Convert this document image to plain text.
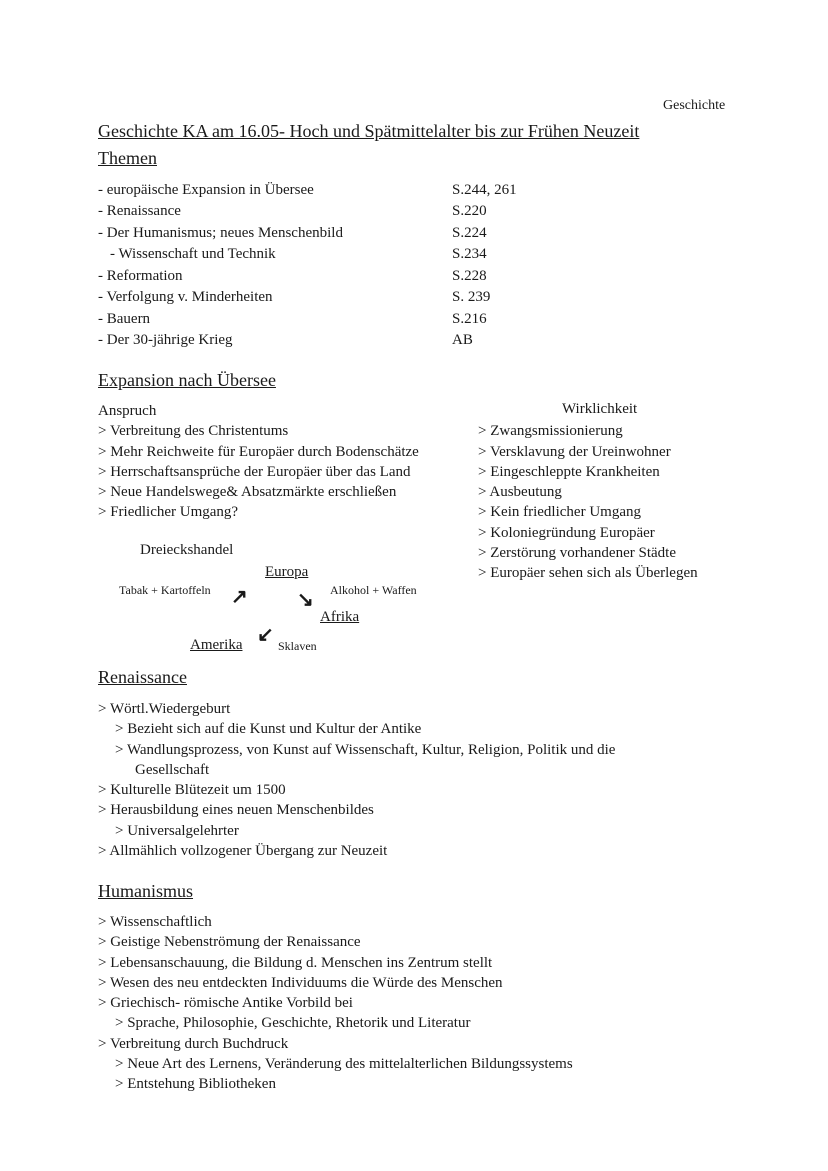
Geschichte
Geschichte KA am 16.05- Hoch und Spätmittelalter bis zur Frühen Neuzeit
Themen
- europäische Expansion in Übersee	S.244, 261
- Renaissance	S.220
- Der Humanismus; neues Menschenbild	S.224
- Wissenschaft und Technik	S.234
- Reformation	S.228
- Verfolgung v. Minderheiten	S. 239
- Bauern	S.216
- Der 30-jährige Krieg	AB
Expansion nach Übersee
Anspruch
> Verbreitung des Christentums
> Mehr Reichweite für Europäer durch Bodenschätze
> Herrschaftsansprüche der Europäer über das Land
> Neue Handelswege& Absatzmärkte erschließen
> Friedlicher Umgang?
Wirklichkeit
> Zwangsmissionierung
> Versklavung der Ureinwohner
> Eingeschleppte Krankheiten
> Ausbeutung
> Kein friedlicher Umgang
> Koloniegründung Europäer
> Zerstörung vorhandener Städte
> Europäer sehen sich als Überlegen
Dreieckshandel
Europa
Tabak + Kartoffeln ↗ ↘ Alkohol + Waffen
Afrika
↙
Amerika	Sklaven
Renaissance
> Wörtl.Wiedergeburt
> Bezieht sich auf die Kunst und Kultur der Antike
> Wandlungsprozess, von Kunst auf Wissenschaft, Kultur, Religion, Politik und die
Gesellschaft
> Kulturelle Blütezeit um 1500
> Herausbildung eines neuen Menschenbildes
> Universalgelehrter
> Allmählich vollzogener Übergang zur Neuzeit
Humanismus
> Wissenschaftlich
> Geistige Nebenströmung der Renaissance
> Lebensanschauung, die Bildung d. Menschen ins Zentrum stellt
> Wesen des neu entdeckten Individuums die Würde des Menschen
> Griechisch- römische Antike Vorbild bei
> Sprache, Philosophie, Geschichte, Rhetorik und Literatur
> Verbreitung durch Buchdruck
> Neue Art des Lernens, Veränderung des mittelalterlichen Bildungssystems
> Entstehung Bibliotheken
